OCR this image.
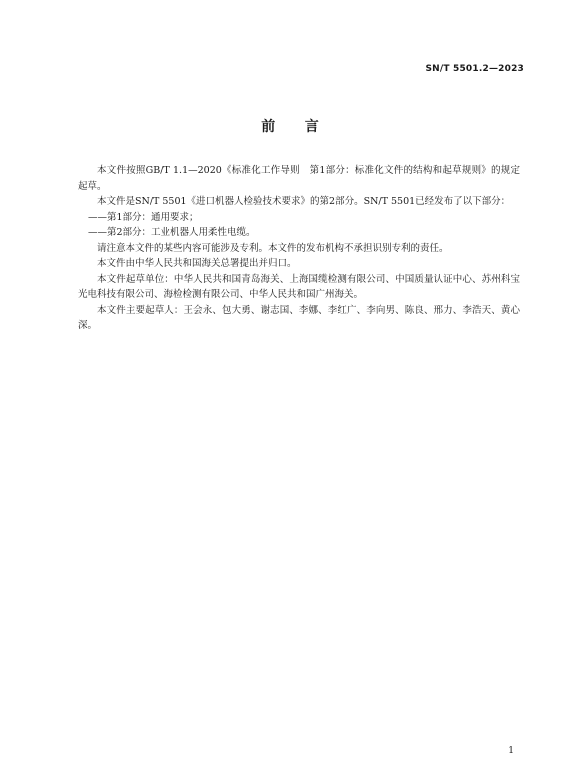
SN/T 5501.2—2023
前    言

本文件按照GB/T 1.1—2020《标准化工作导则　第1部分：标准化文件的结构和起草规则》的规定起草。

本文件是SN/T 5501《进口机器人检验技术要求》的第2部分。SN/T 5501已经发布了以下部分：

——第1部分：通用要求；

——第2部分：工业机器人用柔性电缆。

请注意本文件的某些内容可能涉及专利。本文件的发布机构不承担识别专利的责任。

本文件由中华人民共和国海关总署提出并归口。

本文件起草单位：中华人民共和国青岛海关、上海国缆检测有限公司、中国质量认证中心、苏州科宝光电科技有限公司、海检检测有限公司、中华人民共和国广州海关。

本文件主要起草人：王会永、包大勇、谢志国、李娜、李红广、李向男、陈良、邢力、李浩天、黄心深。

1
